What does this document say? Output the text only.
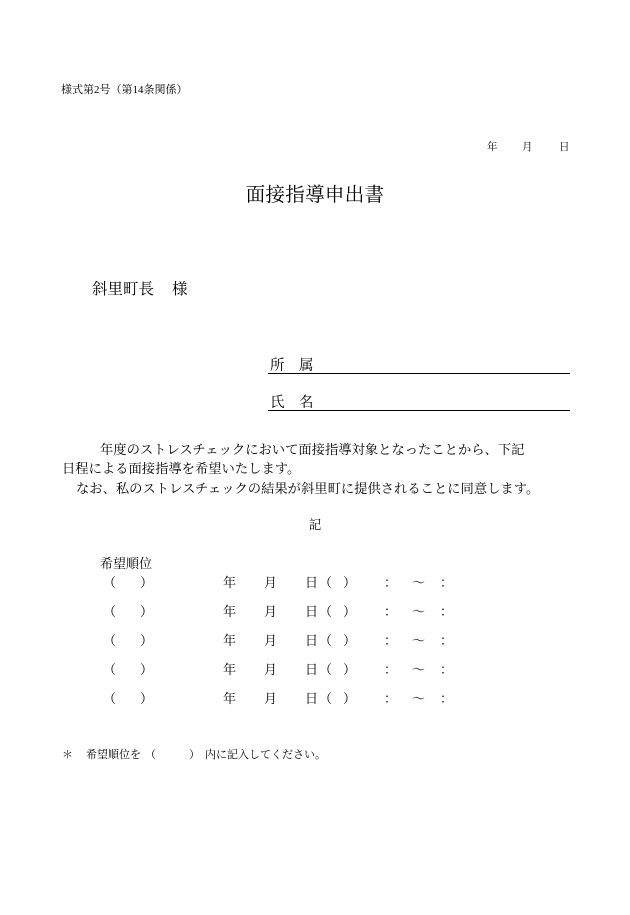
様式第2号（第14条関係）
年 月	日
面接指導申出書
斜里町長 様
所　属
氏　名
年度のストレスチェックにおいて面接指導対象となったことから、下記
日程による面接指導を希望いたします。
なお、私のストレスチェックの結果が斜里町に提供されることに同意します。
記
希望順位
（ ）	年 月 日 （ ） ： 〜 ：
（ ）	年 月 日 （ ） ： 〜 ：
（ ）	年 月 日 （ ） ： 〜 ：
（ ）	年 月 日 （ ） ： 〜 ：
（ ）	年 月 日 （ ） ： 〜 ：
＊ 希望順位を （	） 内に記入してください。
